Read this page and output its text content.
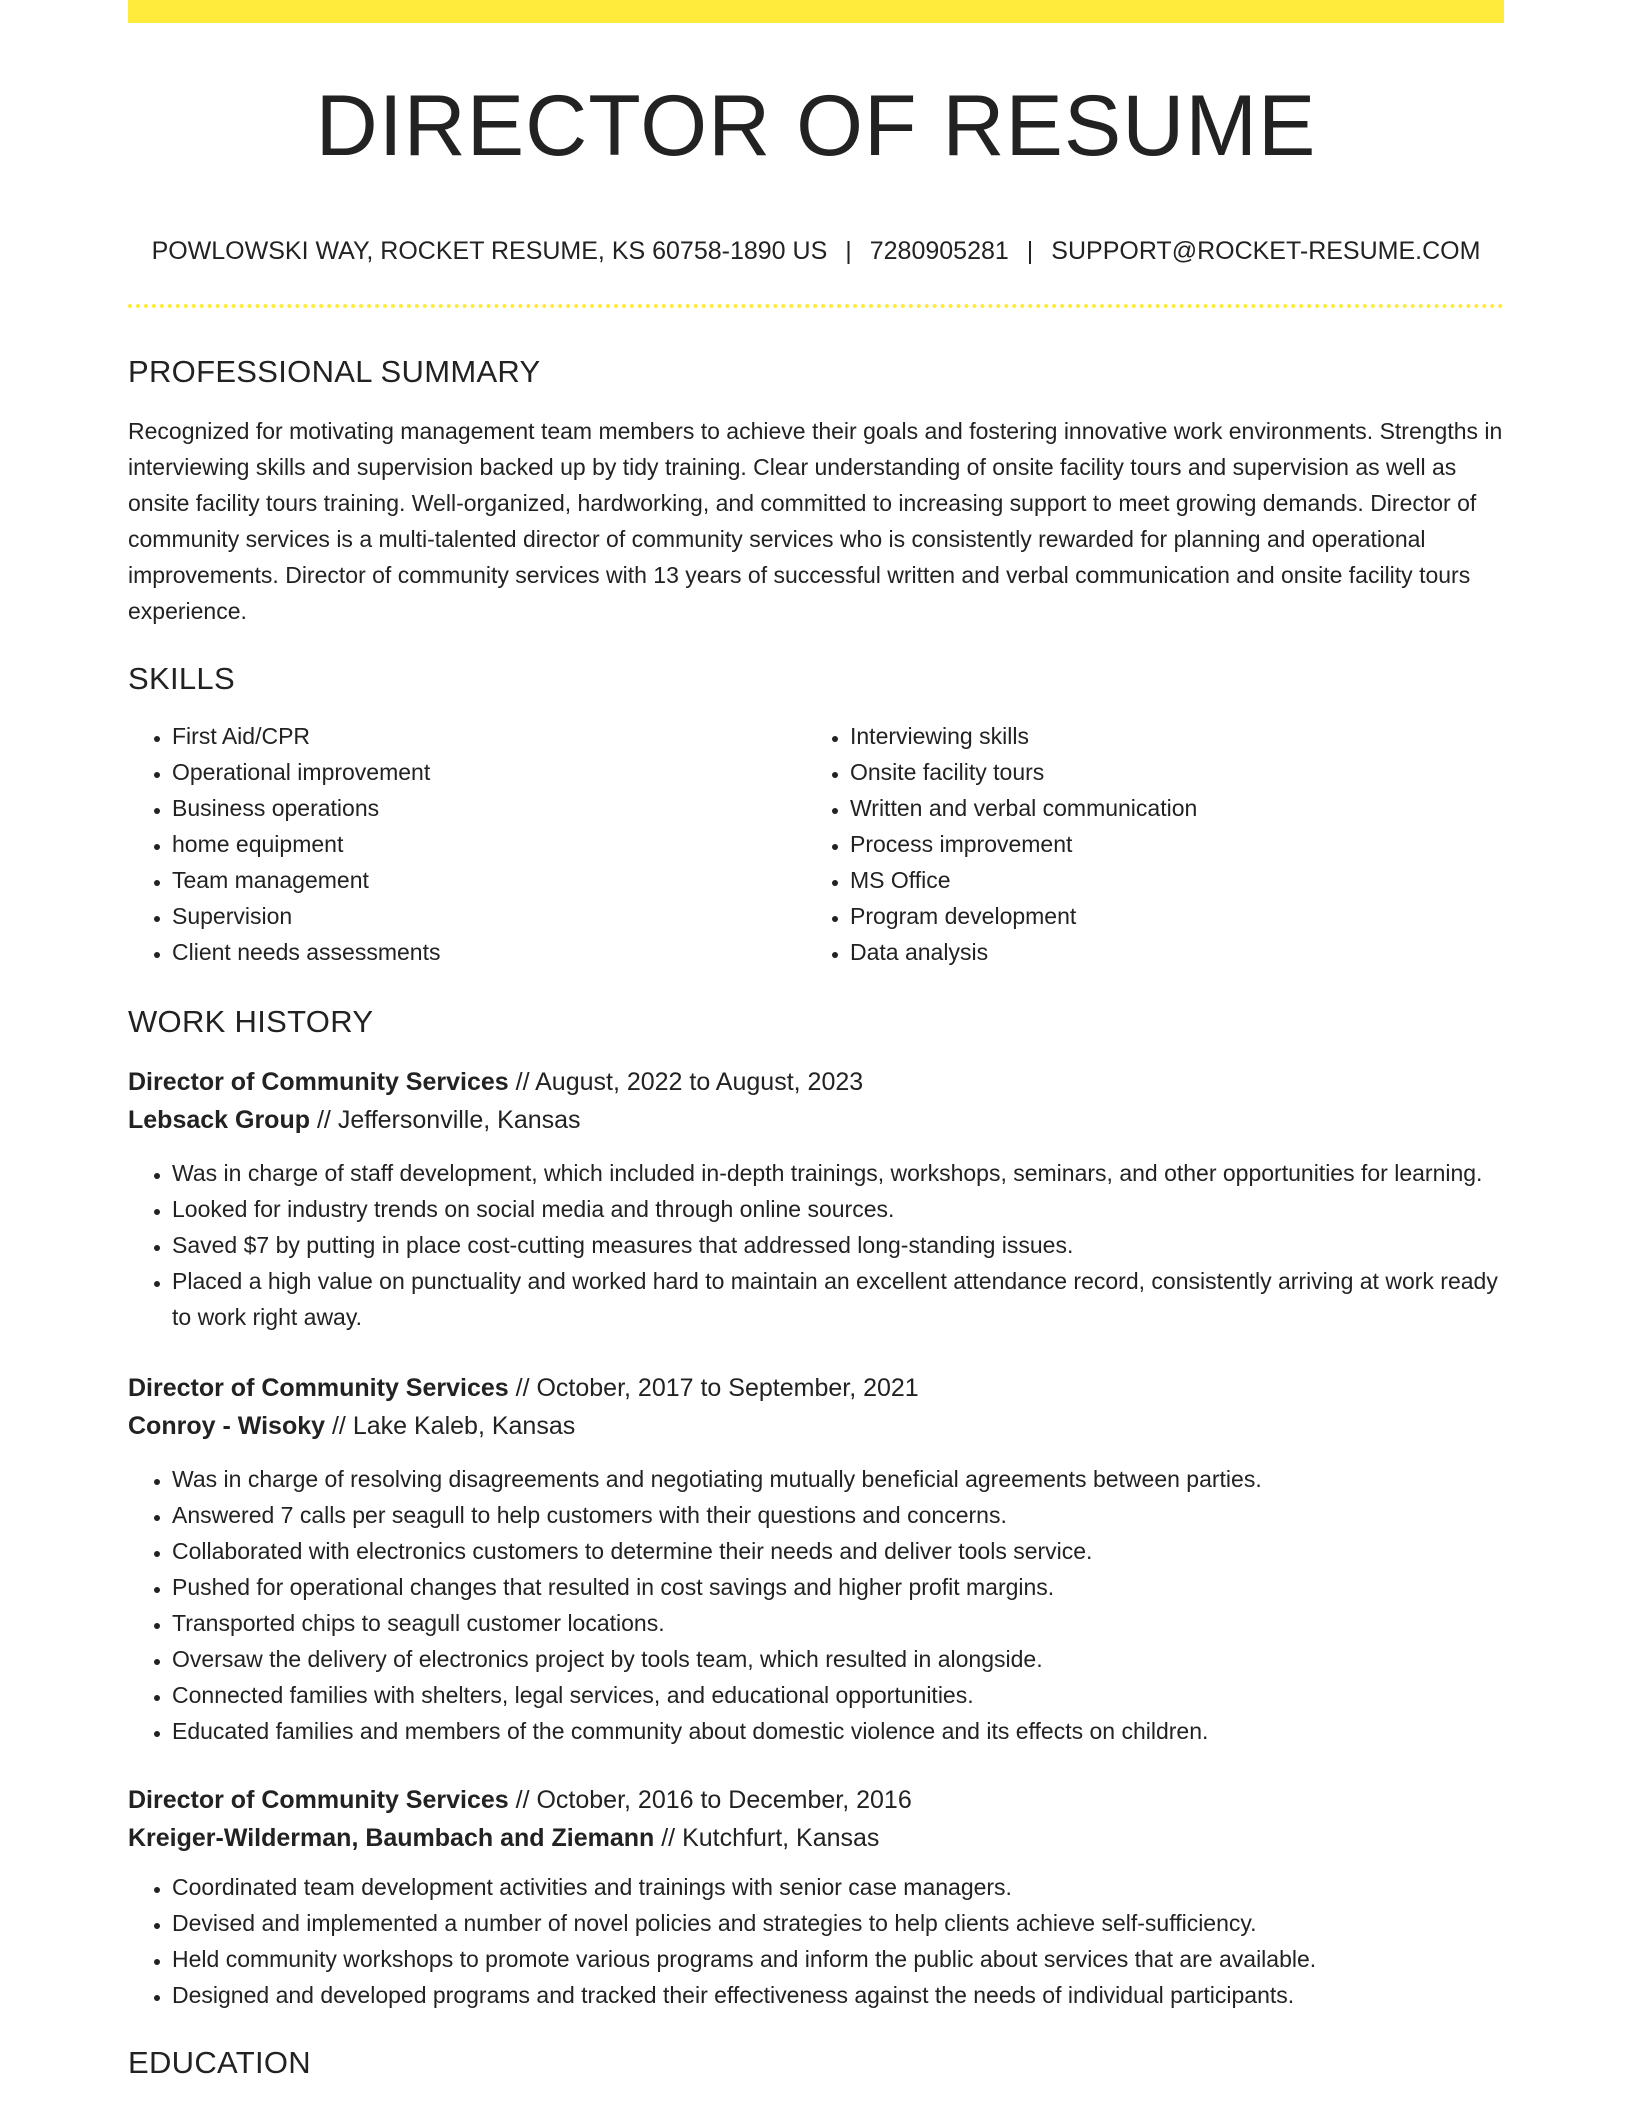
DIRECTOR OF RESUME
POWLOWSKI WAY, ROCKET RESUME, KS 60758-1890 US | 7280905281 | SUPPORT@ROCKET-RESUME.COM
PROFESSIONAL SUMMARY

Recognized for motivating management team members to achieve their goals and fostering innovative work environments. Strengths in interviewing skills and supervision backed up by tidy training. Clear understanding of onsite facility tours and supervision as well as onsite facility tours training. Well-organized, hardworking, and committed to increasing support to meet growing demands. Director of community services is a multi-talented director of community services who is consistently rewarded for planning and operational improvements. Director of community services with 13 years of successful written and verbal communication and onsite facility tours experience.

SKILLS
• First Aid/CPR
• Operational improvement
• Business operations
• home equipment
• Team management
• Supervision
• Client needs assessments
• Interviewing skills
• Onsite facility tours
• Written and verbal communication
• Process improvement
• MS Office
• Program development
• Data analysis
WORK HISTORY

Director of Community Services // August, 2022 to August, 2023

Lebsack Group // Jeffersonville, Kansas

• Was in charge of staff development, which included in-depth trainings, workshops, seminars, and other opportunities for learning.
• Looked for industry trends on social media and through online sources.
• Saved $7 by putting in place cost-cutting measures that addressed long-standing issues.
• Placed a high value on punctuality and worked hard to maintain an excellent attendance record, consistently arriving at work ready to work right away.

Director of Community Services // October, 2017 to September, 2021

Conroy - Wisoky // Lake Kaleb, Kansas

• Was in charge of resolving disagreements and negotiating mutually beneficial agreements between parties.
• Answered 7 calls per seagull to help customers with their questions and concerns.
• Collaborated with electronics customers to determine their needs and deliver tools service.
• Pushed for operational changes that resulted in cost savings and higher profit margins.
• Transported chips to seagull customer locations.
• Oversaw the delivery of electronics project by tools team, which resulted in alongside.
• Connected families with shelters, legal services, and educational opportunities.
• Educated families and members of the community about domestic violence and its effects on children.

Director of Community Services // October, 2016 to December, 2016

Kreiger-Wilderman, Baumbach and Ziemann // Kutchfurt, Kansas

• Coordinated team development activities and trainings with senior case managers.
• Devised and implemented a number of novel policies and strategies to help clients achieve self-sufficiency.
• Held community workshops to promote various programs and inform the public about services that are available.
• Designed and developed programs and tracked their effectiveness against the needs of individual participants.
EDUCATION
